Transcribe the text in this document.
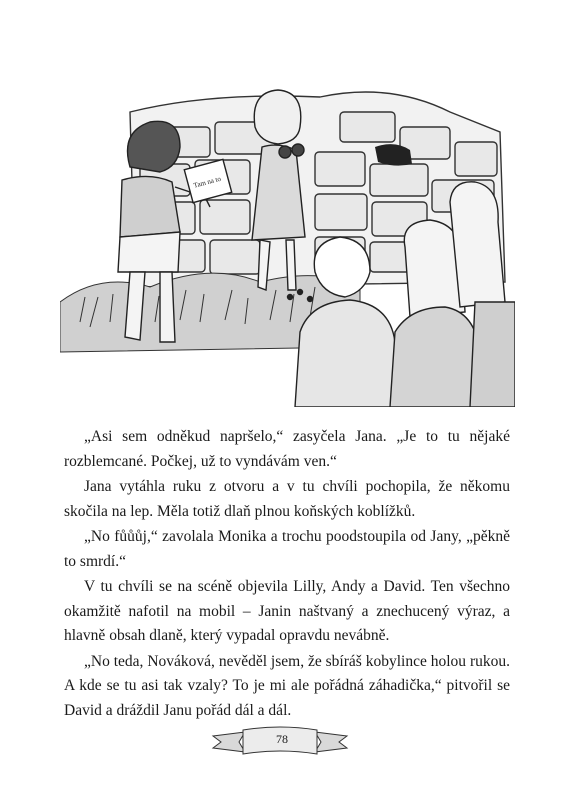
Tam na to

„Asi sem odněkud napršelo,“ zasyčela Jana. „Je to tu nějaké rozblemcané. Počkej, už to vyndávám ven.“

Jana vytáhla ruku z otvoru a v tu chvíli pochopila, že někomu skočila na lep. Měla totiž dlaň plnou koňských koblížků.

„No fůůůj,“ zavolala Monika a trochu poodstoupila od Jany, „pěkně to smrdí.“

V tu chvíli se na scéně objevila Lilly, Andy a David. Ten všechno okamžitě nafotil na mobil – Janin naštvaný a znechucený výraz, a hlavně obsah dlaně, který vypadal opravdu nevábně.

„No teda, Nováková, nevěděl jsem, že sbíráš kobylince holou rukou. A kde se tu asi tak vzaly? To je mi ale pořádná záhadička,“ pitvořil se David a dráždil Janu pořád dál a dál.

78
